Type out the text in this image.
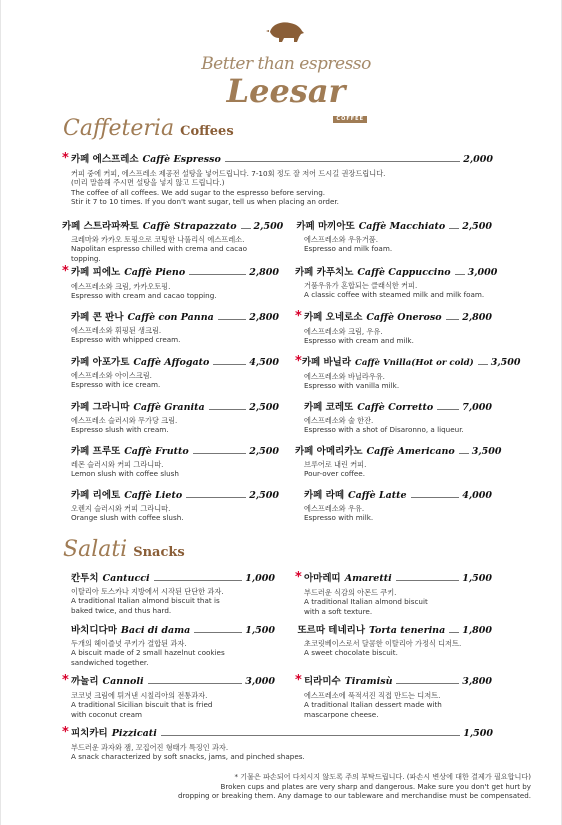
Better than espresso
Leesar
COFFEE
Caffeteria Coffees
* 카페 에스프레소 Caffè Espresso	2,000
커피 중에 커피, 에스프레소 제공전 설탕을 넣어드립니다. 7-10회 정도 잘 저어 드시길 권장드립니다.
(미리 말씀해 주시면 설탕을 넣지 않고 드립니다.)
The coffee of all coffees. We add sugar to the espresso before serving.
Stir it 7 to 10 times. If you don't want sugar, tell us when placing an order.
카페 스트라파짜토 Caffè Strapazzato 2,500
크레마와 카카오 토핑으로 코팅한 나풀리식 에스프레소.
Napolitan espresso chilled with crema and cacao topping.
* 카페 피에노 Caffè Pieno	2,800
에스프레소와 크림, 카카오토핑.
Espresso with cream and cacao topping.
카페 콘 판나 Caffè con Panna	2,800
에스프레소와 휘핑된 생크림.
Espresso with whipped cream.
카페 아포가토 Caffè Affogato	4,500
에스프레소와 아이스크림.
Espresso with ice cream.
카페 그라니따 Caffè Granita	2,500
에스프레소 슬러시와 무가당 크림.
Espresso slush with cream.
카페 프루또 Caffè Frutto	2,500
레몬 슬러시와 커피 그라니따.
Lemon slush with coffee slush
카페 리에토 Caffè Lieto	2,500
오렌지 슬러시와 커피 그라니따.
Orange slush with coffee slush.
카페 마끼아또 Caffè Macchiato 2,500
에스프레소와 우유거품.
Espresso and milk foam.
카페 카푸치노 Caffè Cappuccino 3,000
거품우유가 혼합되는 클래식한 커피.
A classic coffee with steamed milk and milk foam.
* 카페 오네로소 Caffè Oneroso 2,800
에스프레소와 크림, 우유.
Espresso with cream and milk.
* 카페 바닐라 Caffè Vnilla(Hot or cold) 3,500
에스프레소와 바닐라우유.
Espresso with vanilla milk.
카페 코레또 Caffè Corretto	7,000
에스프레소와 술 한잔.
Espresso with a shot of Disaronno, a liqueur.
카페 아메리카노 Caffè Americano 3,500
브루어로 내린 커피.
Pour-over coffee.
카페 라떼 Caffè Latte	4,000
에스프레소와 우유.
Espresso with milk.
Salati Snacks
칸투치 Cantucci	1,000
이탈리아 토스카나 지방에서 시작된 단단한 과자.
A traditional Italian almond biscuit that is
baked twice, and thus hard.
바치디다마 Baci di dama	1,500
두개의 헤이즐넛 쿠키가 결합된 과자.
A biscuit made of 2 small hazelnut cookies
sandwiched together.
* 까놀리 Cannoli	3,000
코코넛 크림에 튀겨낸 시칠리아의 전통과자.
A traditional Sicilian biscuit that is fried
with coconut cream
* 아마레띠 Amaretti	1,500
부드러운 식감의 아몬드 쿠키.
A traditional Italian almond biscuit
with a soft texture.
또르따 테네리나 Torta tenerina 1,800
초코릿베이스로서 달콤한 이탈리아 가정식 디저트.
A sweet chocolate biscuit.
* 티라미수 Tiramisù	3,800
에스프레소에 푹적셔진 직접 만드는 디저트.
A traditional Italian dessert made with
mascarpone cheese.
* 피치카티 Pizzicati	1,500
부드러운 과자와 잼, 꼬집어진 형태가 특징인 과자.
A snack characterized by soft snacks, jams, and pinched shapes.
* 기물은 파손되어 다치시지 않도록 주의 부탁드립니다. (파손시 변상에 대한 결제가 필요합니다)
Broken cups and plates are very sharp and dangerous. Make sure you don't get hurt by
dropping or breaking them. Any damage to our tableware and merchandise must be compensated.
